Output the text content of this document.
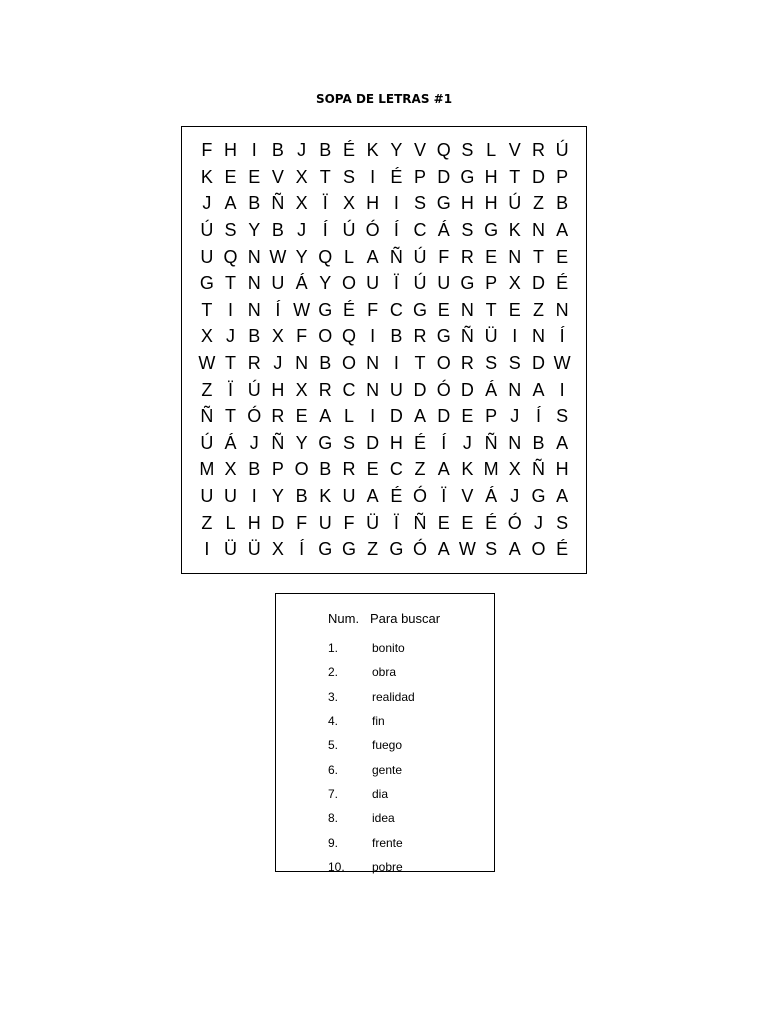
SOPA DE LETRAS #1
F H I B J B É K Y V Q S L V R Ú
K E E V X T S I É P D G H T D P
J A B Ñ X Ï X H I S G H H Ú Z B
Ú S Y B J Í Ú Ó Í C Á S G K N A
U Q N W Y Q L A Ñ Ú F R E N T E
G T N U Á Y O U Ï Ú U G P X D É
T I N Í W G É F C G E N T E Z N
X J B X F O Q I B R G Ñ Ü I N Í
W T R J N B O N I T O R S S D W
Z Ï Ú H X R C N U D Ó D Á N A I
Ñ T Ó R E A L I D A D E P J Í S
Ú Á J Ñ Y G S D H É Í J Ñ N B A
M X B P O B R E C Z A K M X Ñ H
U U I Y B K U A É Ó Ï V Á J G A
Z L H D F U F Ü Ï Ñ E E É Ó J S
I Ü Ü X Í G G Z G Ó A W S A O É
Num. Para buscar
1.	bonito
2.	obra
3.	realidad
4.	fin
5.	fuego
6.	gente
7.	dia
8.	idea
9.	frente
10.	pobre
